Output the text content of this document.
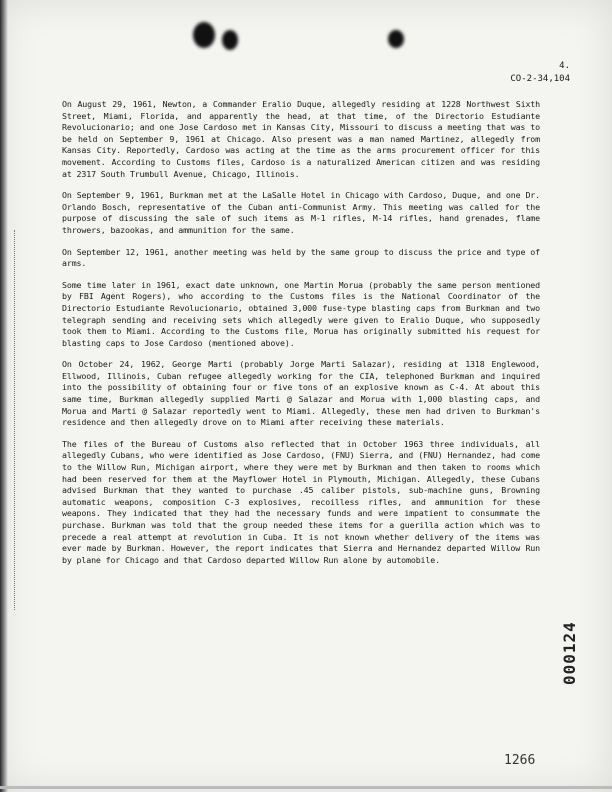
4.
CO-2-34,104

On August 29, 1961, Newton, a Commander Eralio Duque, allegedly residing at 1228 Northwest Sixth Street, Miami, Florida, and apparently the head, at that time, of the Directorio Estudiante Revolucionario; and one Jose Cardoso met in Kansas City, Missouri to discuss a meeting that was to be held on September 9, 1961 at Chicago. Also present was a man named Martinez, allegedly from Kansas City. Reportedly, Cardoso was acting at the time as the arms procurement officer for this movement. According to Customs files, Cardoso is a naturalized American citizen and was residing at 2317 South Trumbull Avenue, Chicago, Illinois.

On September 9, 1961, Burkman met at the LaSalle Hotel in Chicago with Cardoso, Duque, and one Dr. Orlando Bosch, representative of the Cuban anti-Communist Army. This meeting was called for the purpose of discussing the sale of such items as M-1 rifles, M-14 rifles, hand grenades, flame throwers, bazookas, and ammunition for the same.

On September 12, 1961, another meeting was held by the same group to discuss the price and type of arms.

Some time later in 1961, exact date unknown, one Martin Morua (probably the same person mentioned by FBI Agent Rogers), who according to the Customs files is the National Coordinator of the Directorio Estudiante Revolucionario, obtained 3,000 fuse-type blasting caps from Burkman and two telegraph sending and receiving sets which allegedly were given to Eralio Duque, who supposedly took them to Miami. According to the Customs file, Morua has originally submitted his request for blasting caps to Jose Cardoso (mentioned above).

On October 24, 1962, George Marti (probably Jorge Marti Salazar), residing at 1318 Englewood, Ellwood, Illinois, Cuban refugee allegedly working for the CIA, telephoned Burkman and inquired into the possibility of obtaining four or five tons of an explosive known as C-4. At about this same time, Burkman allegedly supplied Marti @ Salazar and Morua with 1,000 blasting caps, and Morua and Marti @ Salazar reportedly went to Miami. Allegedly, these men had driven to Burkman's residence and then allegedly drove on to Miami after receiving these materials.

The files of the Bureau of Customs also reflected that in October 1963 three individuals, all allegedly Cubans, who were identified as Jose Cardoso, (FNU) Sierra, and (FNU) Hernandez, had come to the Willow Run, Michigan airport, where they were met by Burkman and then taken to rooms which had been reserved for them at the Mayflower Hotel in Plymouth, Michigan. Allegedly, these Cubans advised Burkman that they wanted to purchase .45 caliber pistols, sub-machine guns, Browning automatic weapons, composition C-3 explosives, recoilless rifles, and ammunition for these weapons. They indicated that they had the necessary funds and were impatient to consummate the purchase. Burkman was told that the group needed these items for a guerilla action which was to precede a real attempt at revolution in Cuba. It is not known whether delivery of the items was ever made by Burkman. However, the report indicates that Sierra and Hernandez departed Willow Run by plane for Chicago and that Cardoso departed Willow Run alone by automobile.

000124
1266
